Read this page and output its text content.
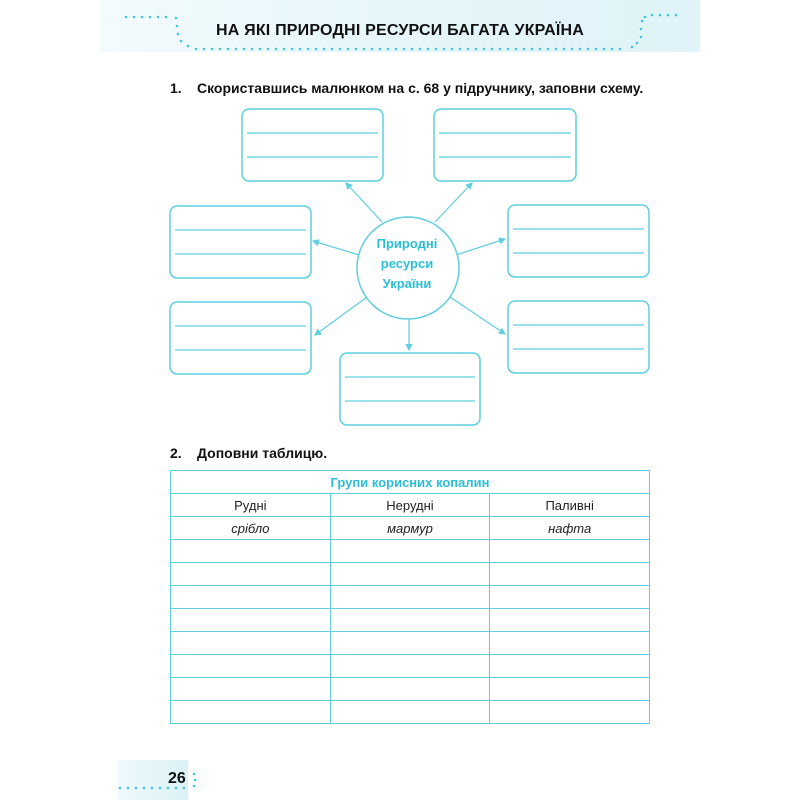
НА ЯКІ ПРИРОДНІ РЕСУРСИ БАГАТА УКРАЇНА
1. Скориставшись малюнком на с. 68 у підручнику, заповни схему.
Природні
ресурси
України
2. Доповни таблицю.
Групи корисних копалин		
Рудні	Нерудні	Паливні
срібло	мармур	нафта

26
